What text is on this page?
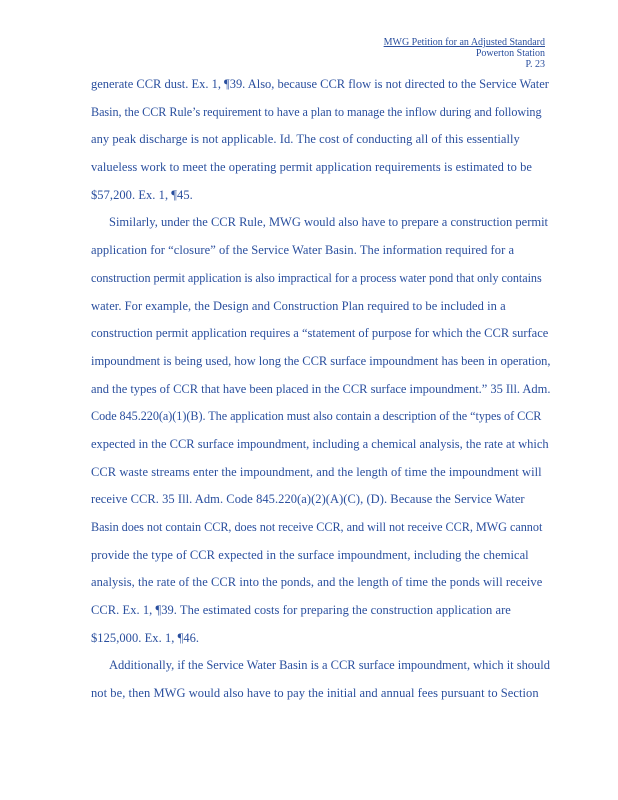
MWG Petition for an Adjusted Standard
Powerton Station
P. 23
generate CCR dust. Ex. 1, ¶39. Also, because CCR flow is not directed to the Service Water
Basin, the CCR Rule’s requirement to have a plan to manage the inflow during and following
any peak discharge is not applicable. Id. The cost of conducting all of this essentially
valueless work to meet the operating permit application requirements is estimated to be
$57,200. Ex. 1, ¶45.
Similarly, under the CCR Rule, MWG would also have to prepare a construction permit
application for “closure” of the Service Water Basin. The information required for a
construction permit application is also impractical for a process water pond that only contains
water. For example, the Design and Construction Plan required to be included in a
construction permit application requires a “statement of purpose for which the CCR surface
impoundment is being used, how long the CCR surface impoundment has been in operation,
and the types of CCR that have been placed in the CCR surface impoundment.” 35 Ill. Adm.
Code 845.220(a)(1)(B). The application must also contain a description of the “types of CCR
expected in the CCR surface impoundment, including a chemical analysis, the rate at which
CCR waste streams enter the impoundment, and the length of time the impoundment will
receive CCR. 35 Ill. Adm. Code 845.220(a)(2)(A)(C), (D). Because the Service Water
Basin does not contain CCR, does not receive CCR, and will not receive CCR, MWG cannot
provide the type of CCR expected in the surface impoundment, including the chemical
analysis, the rate of the CCR into the ponds, and the length of time the ponds will receive
CCR. Ex. 1, ¶39. The estimated costs for preparing the construction application are
$125,000. Ex. 1, ¶46.
Additionally, if the Service Water Basin is a CCR surface impoundment, which it should
not be, then MWG would also have to pay the initial and annual fees pursuant to Section
